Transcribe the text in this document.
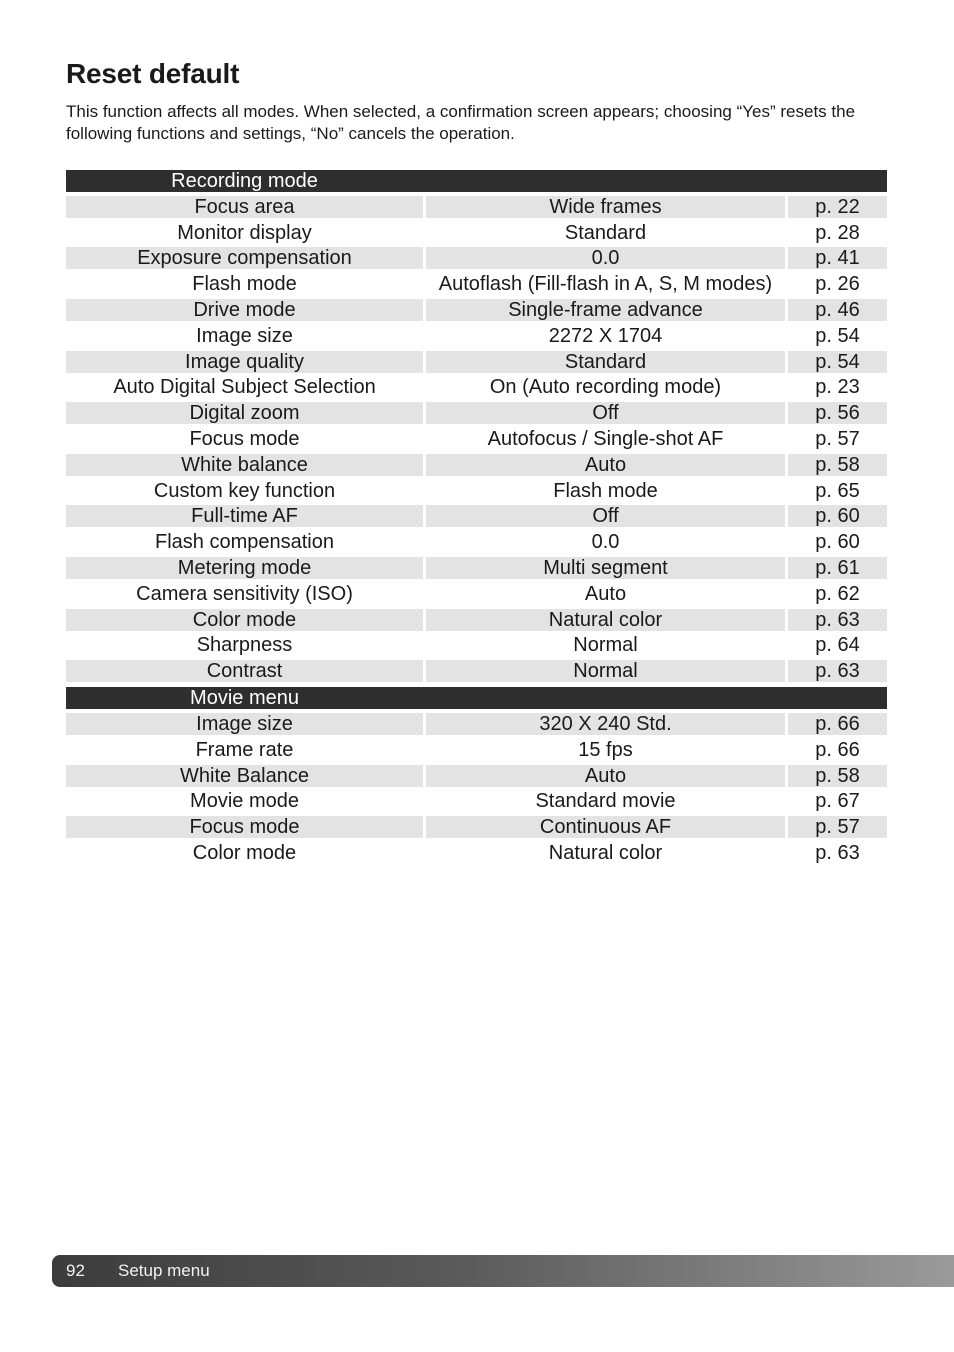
Reset default

This function affects all modes. When selected, a confirmation screen appears; choosing “Yes” resets the following functions and settings, “No” cancels the operation.

Recording mode
Focus area	Wide frames	p. 22
Monitor display	Standard	p. 28
Exposure compensation	0.0	p. 41
Flash mode	Autoflash (Fill-flash in A, S, M modes)	p. 26
Drive mode	Single-frame advance	p. 46
Image size	2272 X 1704	p. 54
Image quality	Standard	p. 54
Auto Digital Subject Selection	On (Auto recording mode)	p. 23
Digital zoom	Off	p. 56
Focus mode	Autofocus / Single-shot AF	p. 57
White balance	Auto	p. 58
Custom key function	Flash mode	p. 65
Full-time AF	Off	p. 60
Flash compensation	0.0	p. 60
Metering mode	Multi segment	p. 61
Camera sensitivity (ISO)	Auto	p. 62
Color mode	Natural color	p. 63
Sharpness	Normal	p. 64
Contrast	Normal	p. 63
Movie menu
Image size	320 X 240 Std.	p. 66
Frame rate	15 fps	p. 66
White Balance	Auto	p. 58
Movie mode	Standard movie	p. 67
Focus mode	Continuous AF	p. 57
Color mode	Natural color	p. 63
92	Setup menu
